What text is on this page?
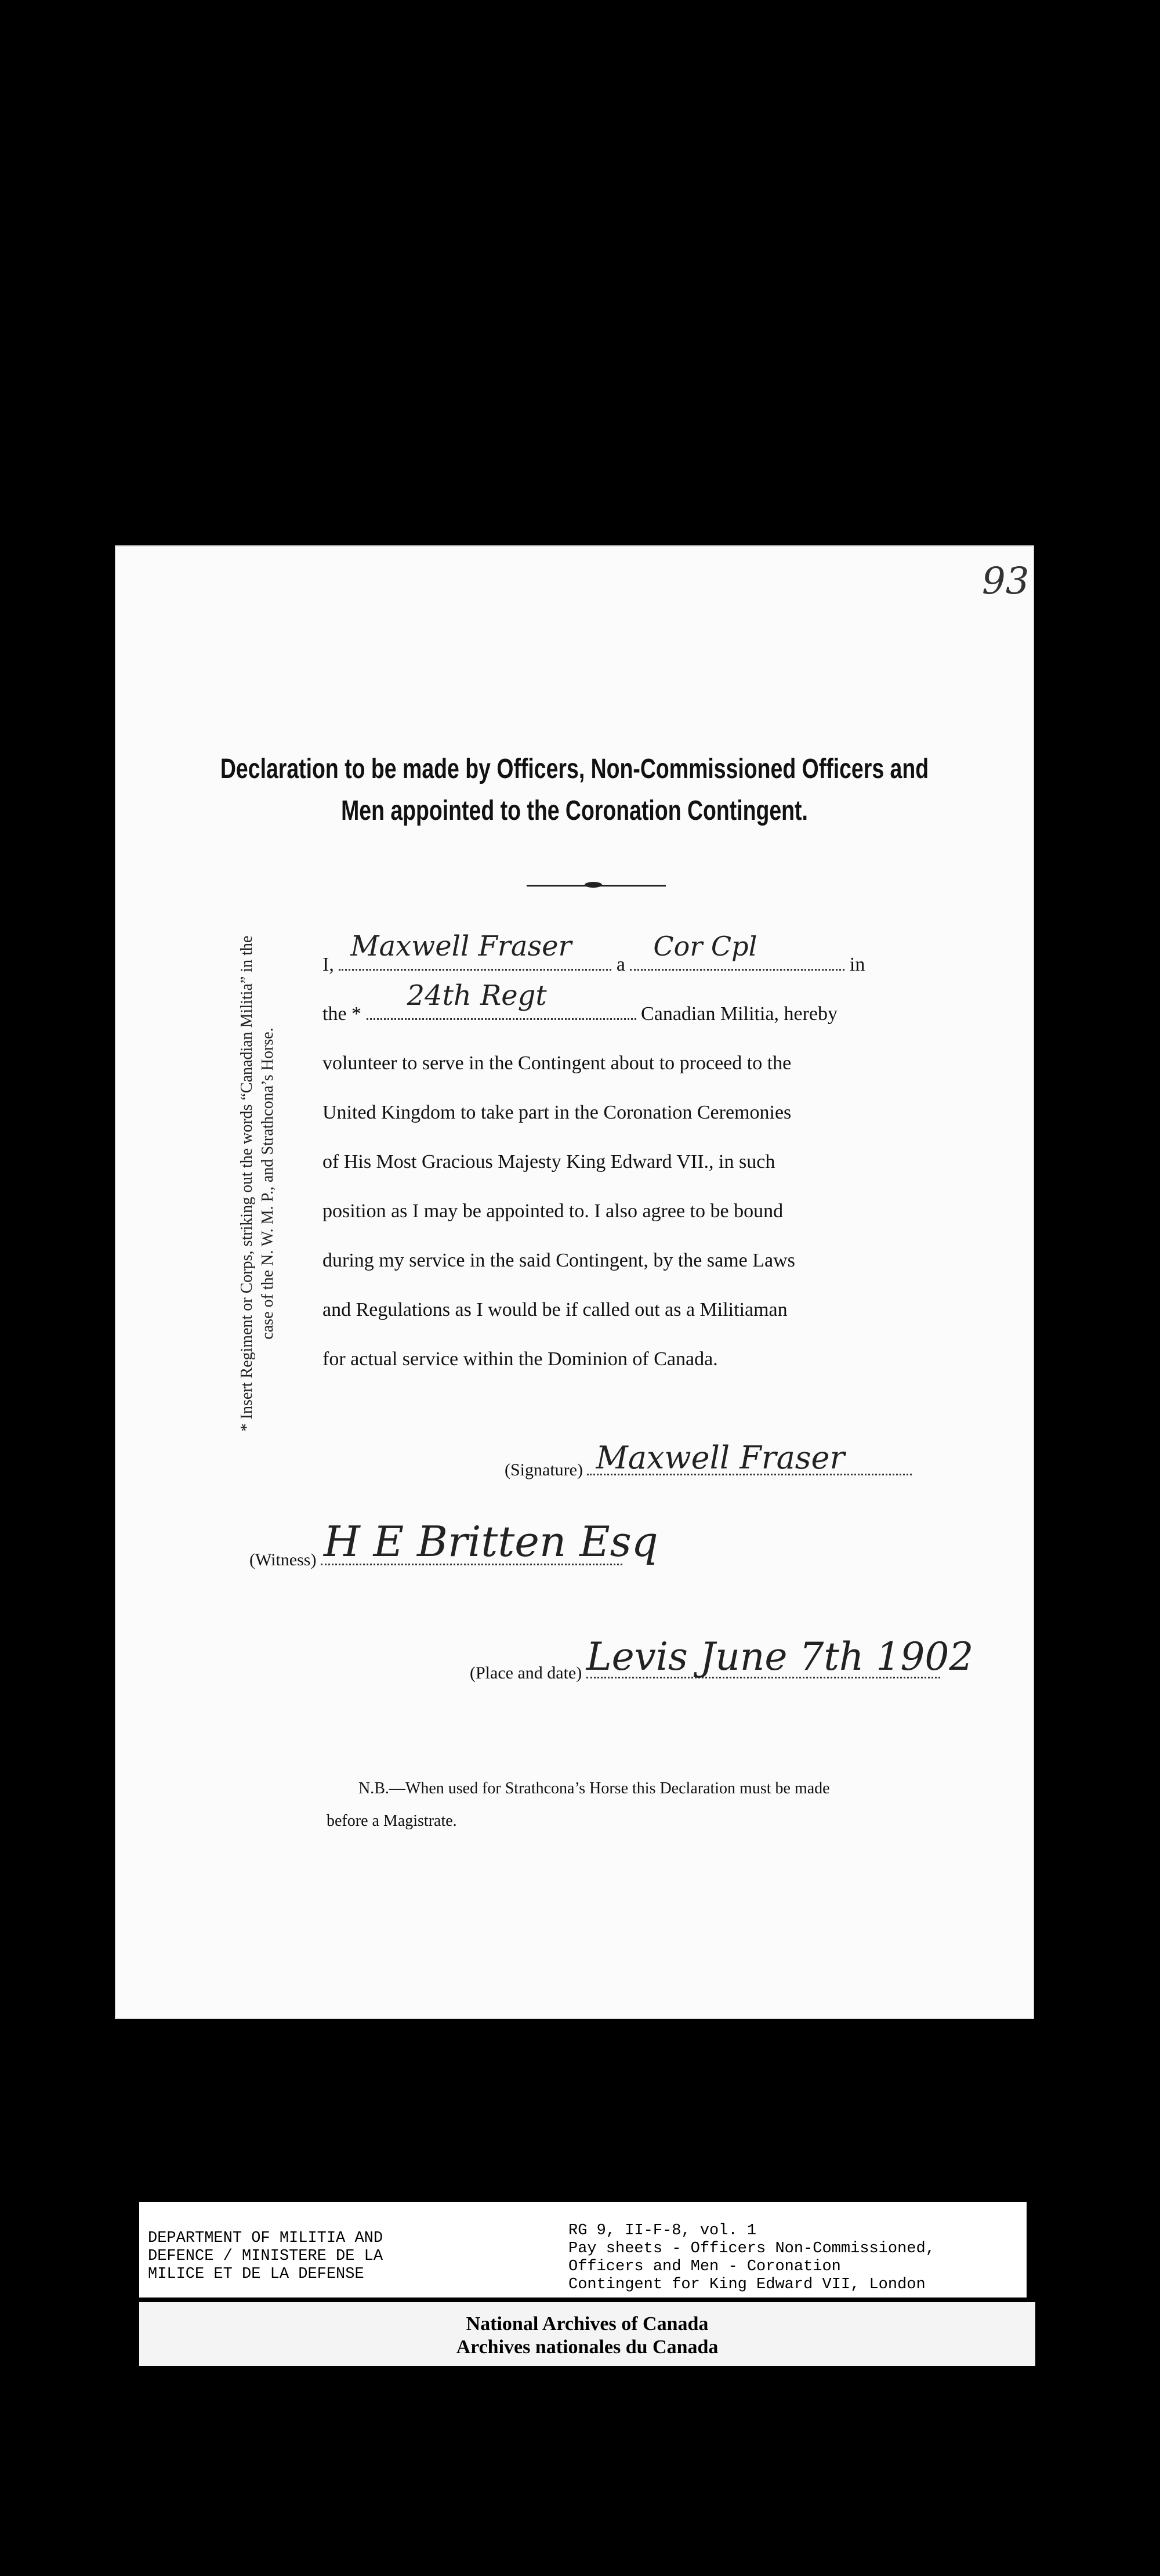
93
Declaration to be made by Officers, Non-Commissioned Officers and
Men appointed to the Coronation Contingent.
* Insert Regiment or Corps, striking out the words “Canadian Militia” in the case of the N. W. M. P., and Strathcona’s Horse.
I,
Maxwell Fraser
a
Cor Cpl
in
the *
24th Regt
Canadian Militia, hereby
volunteer to serve in the Contingent about to proceed to the
United Kingdom to take part in the Coronation Ceremonies
of His Most Gracious Majesty King Edward VII., in such
position as I may be appointed to. I also agree to be bound
during my service in the said Contingent, by the same Laws
and Regulations as I would be if called out as a Militiaman
for actual service within the Dominion of Canada.
(Signature) Maxwell Fraser
(Witness) H E Britten Esq
(Place and date) Levis June 7th 1902
N.B.—When used for Strathcona’s Horse this Declaration must be made
before a Magistrate.
DEPARTMENT OF MILITIA AND
DEFENCE / MINISTERE DE LA
MILICE ET DE LA DEFENSE
RG 9, II-F-8, vol. 1
Pay sheets - Officers Non-Commissioned,
Officers and Men - Coronation
Contingent for King Edward VII, London
National Archives of Canada
Archives nationales du Canada
